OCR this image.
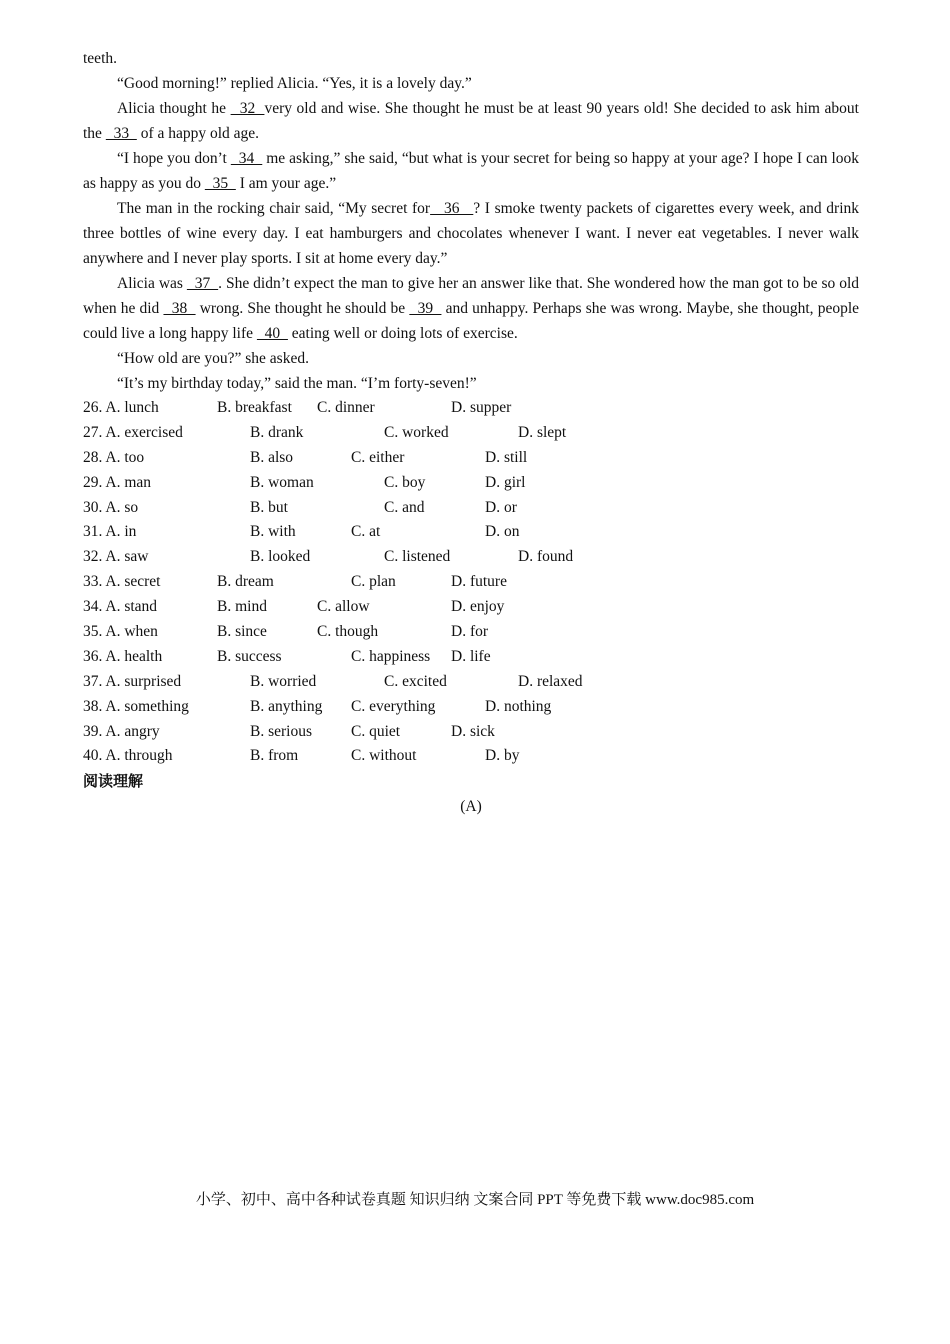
teeth.

“Good morning!” replied Alicia. “Yes, it is a lovely day.”

Alicia thought he   32  very old and wise. She thought he must be at least 90 years old! She decided to ask him about the   33   of a happy old age.

“I hope you don’t   34   me asking,” she said, “but what is your secret for being so happy at your age? I hope I can look as happy as you do   35   I am your age.”

The man in the rocking chair said, “My secret for   36   ? I smoke twenty packets of cigarettes every week, and drink three bottles of wine every day. I eat hamburgers and chocolates whenever I want. I never eat vegetables. I never walk anywhere and I never play sports. I sit at home every day.”

Alicia was   37  . She didn’t expect the man to give her an answer like that. She wondered how the man got to be so old when he did   38   wrong. She thought he should be   39   and unhappy. Perhaps she was wrong. Maybe, she thought, people could live a long happy life   40   eating well or doing lots of exercise.

“How old are you?” she asked.

“It’s my birthday today,” said the man. “I’m forty-seven!”

26. A. lunch	B. breakfast C. dinner	D. supper
27. A. exercised	B. drank	C. worked	D. slept
28. A. too	B. also	C. either	D. still
29. A. man	B. woman	C. boy	D. girl
30. A. so	B. but	C. and	D. or
31. A. in	B. with	C. at	D. on
32. A. saw	B. looked	C. listened	D. found
33. A. secret	B. dream	C. plan	D. future
34. A. stand	B. mind	C. allow	D. enjoy
35. A. when	B. since	C. though	D. for
36. A. health	B. success	C. happiness D. life
37. A. surprised	B. worried	C. excited	D. relaxed
38. A. something	B. anything C. everything	D. nothing
39. A. angry	B. serious	C. quiet	D. sick
40. A. through	B. from	C. without	D. by
阅读理解
(A)
小学、初中、高中各种试卷真题 知识归纳 文案合同 PPT 等免费下载 www.doc985.com
